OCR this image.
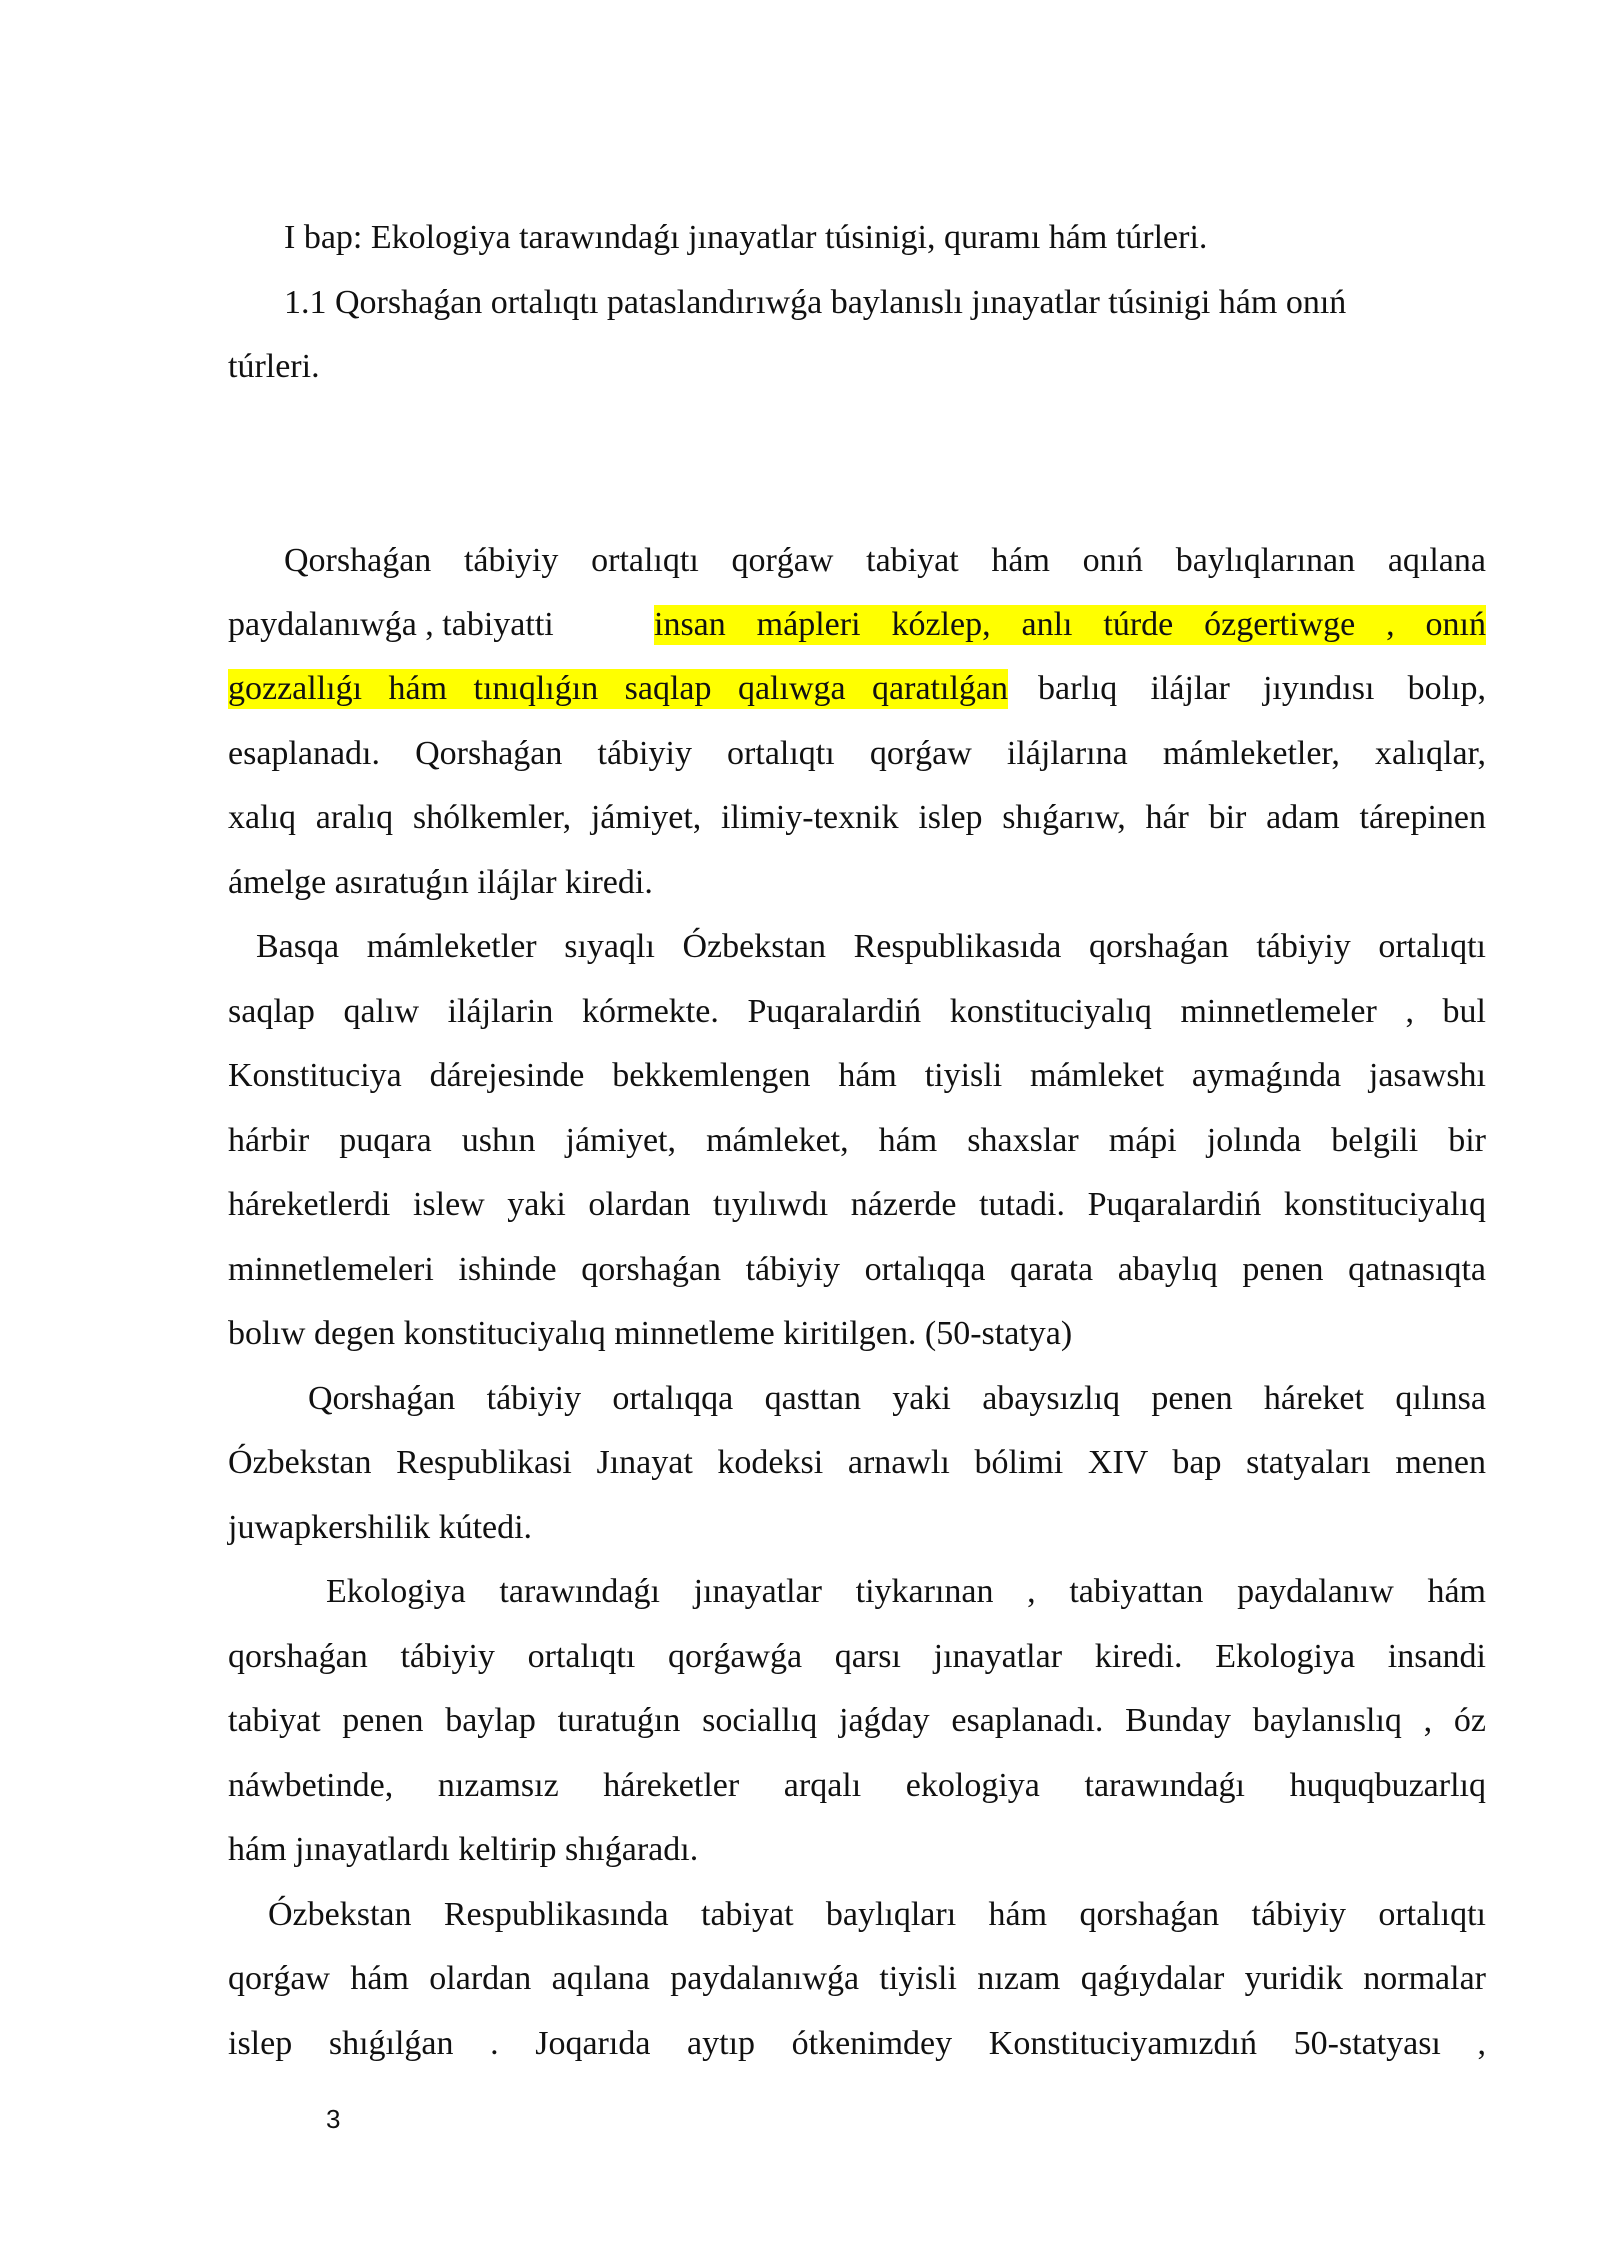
I bap: Ekologiya tarawındaǵı jınayatlar túsinigi, quramı hám túrleri.
1.1 Qorshaǵan ortalıqtı pataslandırıwǵa baylanıslı jınayatlar túsinigi hám onıń
túrleri.
Qorshaǵan tábiyiy ortalıqtı qorǵaw tabiyat hám onıń baylıqlarınan aqılana
paydalanıwǵa , tabiyatti	insan mápleri kózlep, anlı túrde ózgertiwge , onıń
gozzallıǵı hám tınıqlıǵın saqlap qalıwga qaratılǵan barlıq ilájlar jıyındısı bolıp,
esaplanadı. Qorshaǵan tábiyiy ortalıqtı qorǵaw ilájlarına mámleketler, xalıqlar,
xalıq aralıq shólkemler, jámiyet, ilimiy-texnik islep shıǵarıw, hár bir adam tárepinen
ámelge asıratuǵın ilájlar kiredi.
Basqa mámleketler sıyaqlı Ózbekstan Respublikasıda qorshaǵan tábiyiy ortalıqtı
saqlap qalıw ilájlarin kórmekte. Puqaralardiń konstituciyalıq minnetlemeler , bul
Konstituciya dárejesinde bekkemlengen hám tiyisli mámleket aymaǵında jasawshı
hárbir puqara ushın jámiyet, mámleket, hám shaxslar mápi jolında belgili bir
háreketlerdi islew yaki olardan tıyılıwdı názerde tutadi. Puqaralardiń konstituciyalıq
minnetlemeleri ishinde qorshaǵan tábiyiy ortalıqqa qarata abaylıq penen qatnasıqta
bolıw degen konstituciyalıq minnetleme kiritilgen. (50-statya)
Qorshaǵan tábiyiy ortalıqqa qasttan yaki abaysızlıq penen háreket qılınsa
Ózbekstan Respublikasi Jınayat kodeksi arnawlı bólimi XIV bap statyaları menen
juwapkershilik kútedi.
Ekologiya tarawındaǵı jınayatlar tiykarınan , tabiyattan paydalanıw hám
qorshaǵan tábiyiy ortalıqtı qorǵawǵa qarsı jınayatlar kiredi. Ekologiya insandi
tabiyat penen baylap turatuǵın sociallıq jaǵday esaplanadı. Bunday baylanıslıq , óz
náwbetinde, nızamsız háreketler arqalı ekologiya tarawındaǵı huquqbuzarlıq
hám jınayatlardı keltirip shıǵaradı.
Ózbekstan Respublikasında tabiyat baylıqları hám qorshaǵan tábiyiy ortalıqtı
qorǵaw hám olardan aqılana paydalanıwǵa tiyisli nızam qaǵıydalar yuridik normalar
islep shıǵılǵan . Joqarıda aytıp ótkenimdey Konstituciyamızdıń 50-statyası ,
3
